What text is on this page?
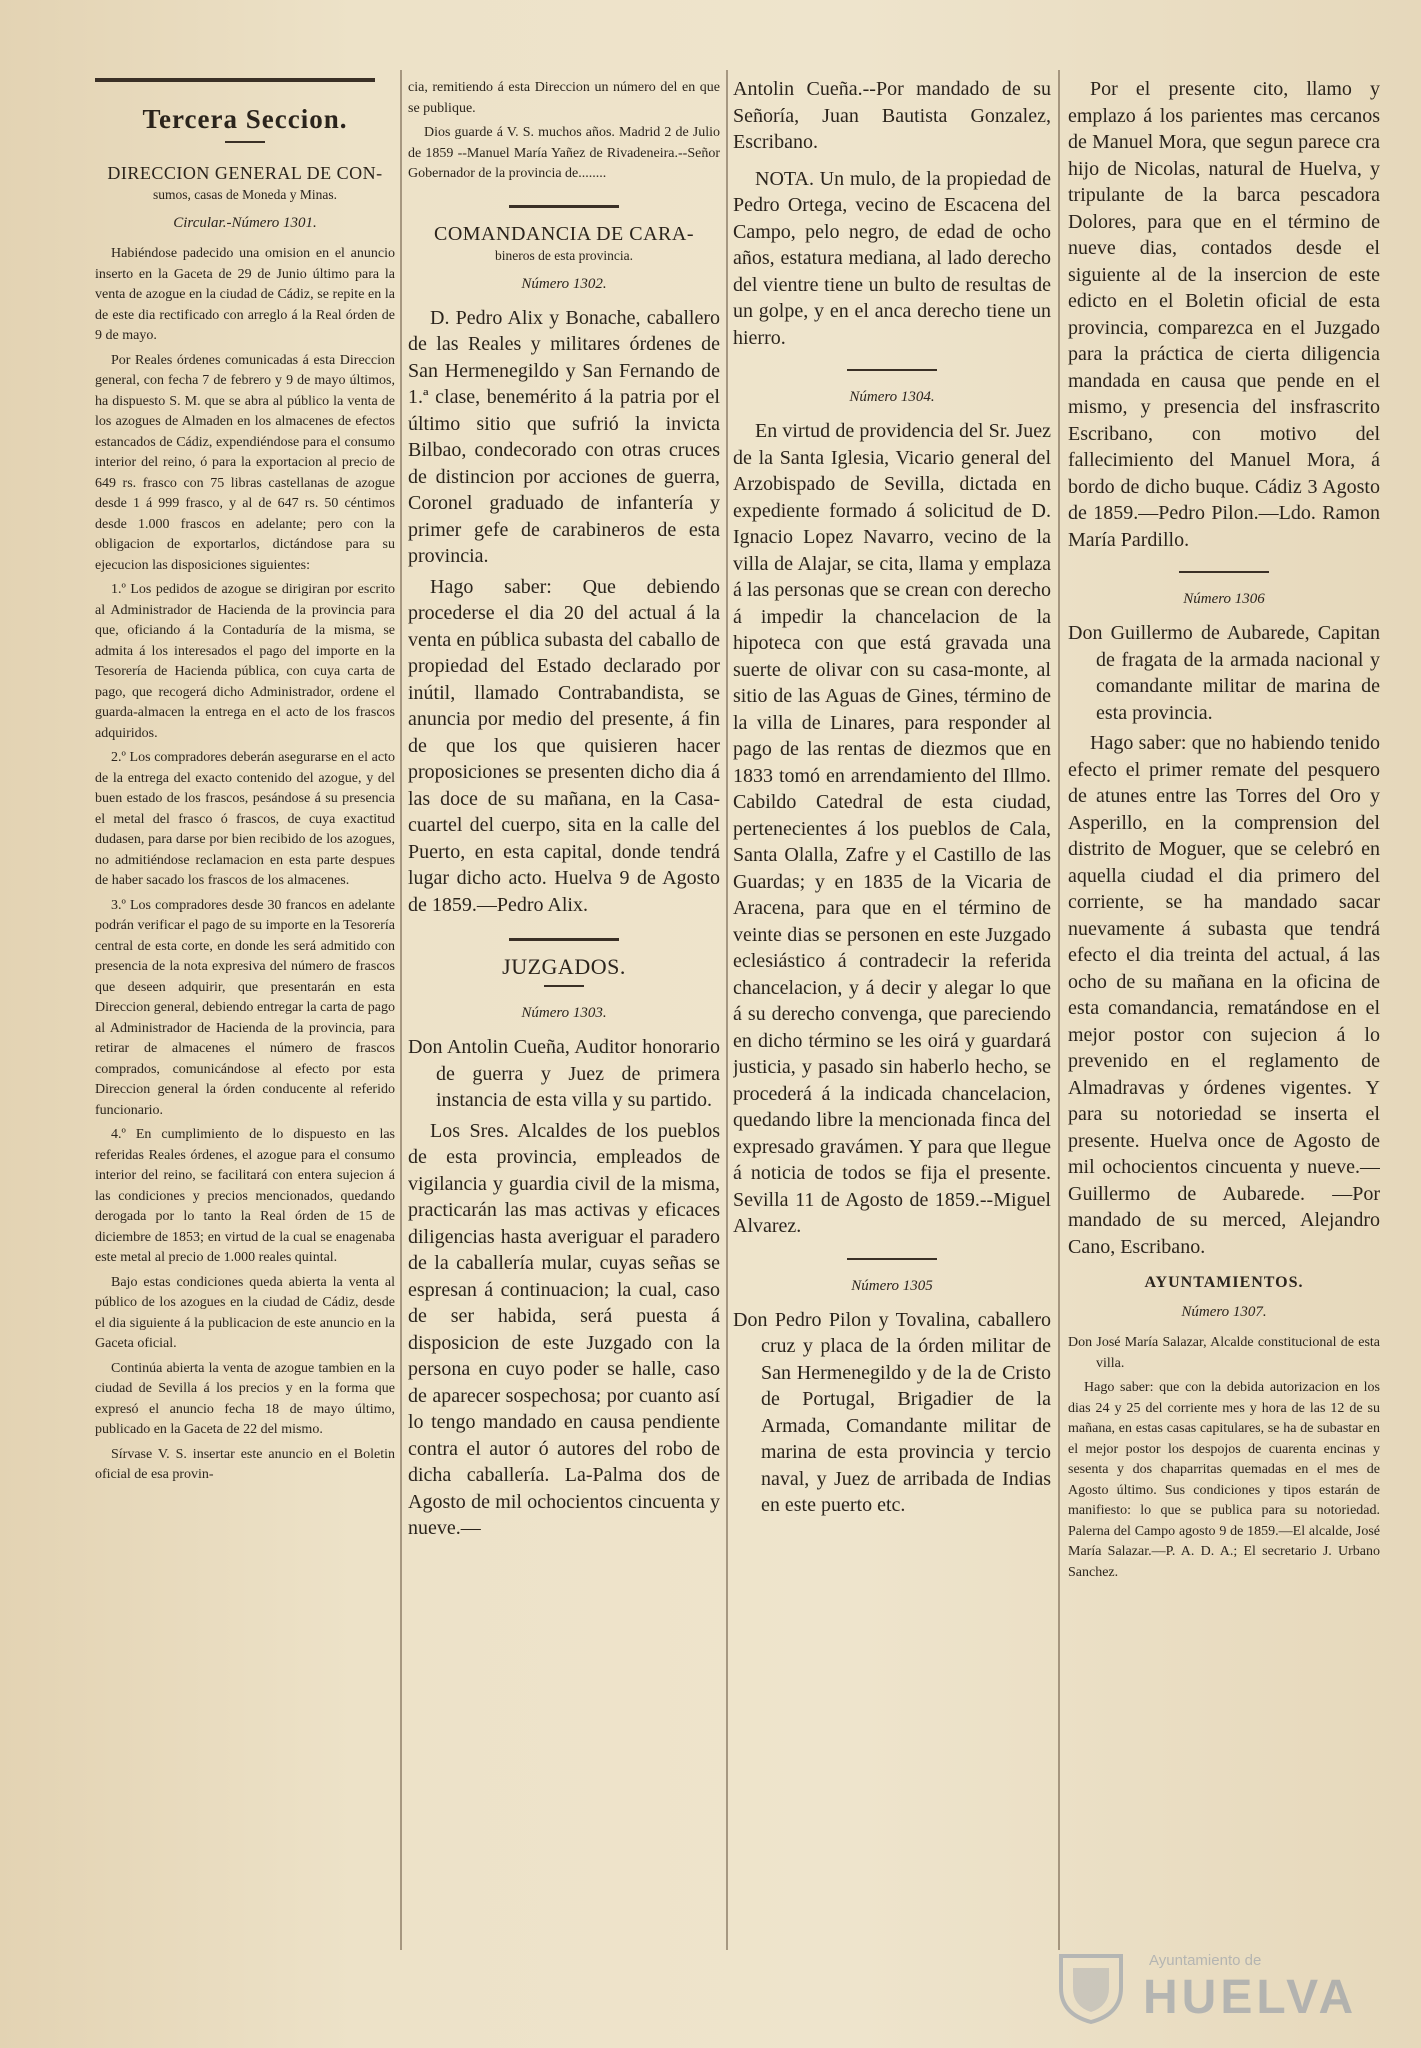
Tercera Seccion.
DIRECCION GENERAL DE CON-
sumos, casas de Moneda y Minas.
Circular.-Número 1301.

Habiéndose padecido una omision en el anuncio inserto en la Gaceta de 29 de Junio último para la venta de azogue en la ciudad de Cádiz, se repite en la de este dia rectificado con arreglo á la Real órden de 9 de mayo.

Por Reales órdenes comunicadas á esta Direccion general, con fecha 7 de febrero y 9 de mayo últimos, ha dispuesto S. M. que se abra al público la venta de los azogues de Almaden en los almacenes de efectos estancados de Cádiz, expendiéndose para el consumo interior del reino, ó para la exportacion al precio de 649 rs. frasco con 75 libras castellanas de azogue desde 1 á 999 frasco, y al de 647 rs. 50 céntimos desde 1.000 frascos en adelante; pero con la obligacion de exportarlos, dictándose para su ejecucion las disposiciones siguientes:

1.º Los pedidos de azogue se dirigiran por escrito al Administrador de Hacienda de la provincia para que, oficiando á la Contaduría de la misma, se admita á los interesados el pago del importe en la Tesorería de Hacienda pública, con cuya carta de pago, que recogerá dicho Administrador, ordene el guarda-almacen la entrega en el acto de los frascos adquiridos.

2.º Los compradores deberán asegurarse en el acto de la entrega del exacto contenido del azogue, y del buen estado de los frascos, pesándose á su presencia el metal del frasco ó frascos, de cuya exactitud dudasen, para darse por bien recibido de los azogues, no admitiéndose reclamacion en esta parte despues de haber sacado los frascos de los almacenes.

3.º Los compradores desde 30 francos en adelante podrán verificar el pago de su importe en la Tesorería central de esta corte, en donde les será admitido con presencia de la nota expresiva del número de frascos que deseen adquirir, que presentarán en esta Direccion general, debiendo entregar la carta de pago al Administrador de Hacienda de la provincia, para retirar de almacenes el número de frascos comprados, comunicándose al efecto por esta Direccion general la órden conducente al referido funcionario.

4.º En cumplimiento de lo dispuesto en las referidas Reales órdenes, el azogue para el consumo interior del reino, se facilitará con entera sujecion á las condiciones y precios mencionados, quedando derogada por lo tanto la Real órden de 15 de diciembre de 1853; en virtud de la cual se enagenaba este metal al precio de 1.000 reales quintal.

Bajo estas condiciones queda abierta la venta al público de los azogues en la ciudad de Cádiz, desde el dia siguiente á la publicacion de este anuncio en la Gaceta oficial.

Continúa abierta la venta de azogue tambien en la ciudad de Sevilla á los precios y en la forma que expresó el anuncio fecha 18 de mayo último, publicado en la Gaceta de 22 del mismo.

Sírvase V. S. insertar este anuncio en el Boletin oficial de esa provin-

cia, remitiendo á esta Direccion un número del en que se publique.

Dios guarde á V. S. muchos años. Madrid 2 de Julio de 1859 --Manuel María Yañez de Rivadeneira.--Señor Gobernador de la provincia de........

COMANDANCIA DE CARA-
bineros de esta provincia.
Número 1302.

D. Pedro Alix y Bonache, caballero de las Reales y militares órdenes de San Hermenegildo y San Fernando de 1.ª clase, benemérito á la patria por el último sitio que sufrió la invicta Bilbao, condecorado con otras cruces de distincion por acciones de guerra, Coronel graduado de infantería y primer gefe de carabineros de esta provincia.

Hago saber: Que debiendo procederse el dia 20 del actual á la venta en pública subasta del caballo de propiedad del Estado declarado por inútil, llamado Contrabandista, se anuncia por medio del presente, á fin de que los que quisieren hacer proposiciones se presenten dicho dia á las doce de su mañana, en la Casa-cuartel del cuerpo, sita en la calle del Puerto, en esta capital, donde tendrá lugar dicho acto. Huelva 9 de Agosto de 1859.—Pedro Alix.

JUZGADOS.
Número 1303.

Don Antolin Cueña, Auditor honorario de guerra y Juez de primera instancia de esta villa y su partido.

Los Sres. Alcaldes de los pueblos de esta provincia, empleados de vigilancia y guardia civil de la misma, practicarán las mas activas y eficaces diligencias hasta averiguar el paradero de la caballería mular, cuyas señas se espresan á continuacion; la cual, caso de ser habida, será puesta á disposicion de este Juzgado con la persona en cuyo poder se halle, caso de aparecer sospechosa; por cuanto así lo tengo mandado en causa pendiente contra el autor ó autores del robo de dicha caballería. La-Palma dos de Agosto de mil ochocientos cincuenta y nueve.—

Antolin Cueña.--Por mandado de su Señoría, Juan Bautista Gonzalez, Escribano.

NOTA. Un mulo, de la propiedad de Pedro Ortega, vecino de Escacena del Campo, pelo negro, de edad de ocho años, estatura mediana, al lado derecho del vientre tiene un bulto de resultas de un golpe, y en el anca derecho tiene un hierro.

Número 1304.

En virtud de providencia del Sr. Juez de la Santa Iglesia, Vicario general del Arzobispado de Sevilla, dictada en expediente formado á solicitud de D. Ignacio Lopez Navarro, vecino de la villa de Alajar, se cita, llama y emplaza á las personas que se crean con derecho á impedir la chancelacion de la hipoteca con que está gravada una suerte de olivar con su casa-monte, al sitio de las Aguas de Gines, término de la villa de Linares, para responder al pago de las rentas de diezmos que en 1833 tomó en arrendamiento del Illmo. Cabildo Catedral de esta ciudad, pertenecientes á los pueblos de Cala, Santa Olalla, Zafre y el Castillo de las Guardas; y en 1835 de la Vicaria de Aracena, para que en el término de veinte dias se personen en este Juzgado eclesiástico á contradecir la referida chancelacion, y á decir y alegar lo que á su derecho convenga, que pareciendo en dicho término se les oirá y guardará justicia, y pasado sin haberlo hecho, se procederá á la indicada chancelacion, quedando libre la mencionada finca del expresado gravámen. Y para que llegue á noticia de todos se fija el presente. Sevilla 11 de Agosto de 1859.--Miguel Alvarez.

Número 1305

Don Pedro Pilon y Tovalina, caballero cruz y placa de la órden militar de San Hermenegildo y de la de Cristo de Portugal, Brigadier de la Armada, Comandante militar de marina de esta provincia y tercio naval, y Juez de arribada de Indias en este puerto etc.

Por el presente cito, llamo y emplazo á los parientes mas cercanos de Manuel Mora, que segun parece cra hijo de Nicolas, natural de Huelva, y tripulante de la barca pescadora Dolores, para que en el término de nueve dias, contados desde el siguiente al de la insercion de este edicto en el Boletin oficial de esta provincia, comparezca en el Juzgado para la práctica de cierta diligencia mandada en causa que pende en el mismo, y presencia del insfrascrito Escribano, con motivo del fallecimiento del Manuel Mora, á bordo de dicho buque. Cádiz 3 Agosto de 1859.—Pedro Pilon.—Ldo. Ramon María Pardillo.

Número 1306

Don Guillermo de Aubarede, Capitan de fragata de la armada nacional y comandante militar de marina de esta provincia.

Hago saber: que no habiendo tenido efecto el primer remate del pesquero de atunes entre las Torres del Oro y Asperillo, en la comprension del distrito de Moguer, que se celebró en aquella ciudad el dia primero del corriente, se ha mandado sacar nuevamente á subasta que tendrá efecto el dia treinta del actual, á las ocho de su mañana en la oficina de esta comandancia, rematándose en el mejor postor con sujecion á lo prevenido en el reglamento de Almadravas y órdenes vigentes. Y para su notoriedad se inserta el presente. Huelva once de Agosto de mil ochocientos cincuenta y nueve.—Guillermo de Aubarede. —Por mandado de su merced, Alejandro Cano, Escribano.

AYUNTAMIENTOS.
Número 1307.

Don José María Salazar, Alcalde constitucional de esta villa.

Hago saber: que con la debida autorizacion en los dias 24 y 25 del corriente mes y hora de las 12 de su mañana, en estas casas capitulares, se ha de subastar en el mejor postor los despojos de cuarenta encinas y sesenta y dos chaparritas quemadas en el mes de Agosto último. Sus condiciones y tipos estarán de manifiesto: lo que se publica para su notoriedad. Palerna del Campo agosto 9 de 1859.—El alcalde, José María Salazar.—P. A. D. A.; El secretario J. Urbano Sanchez.

Ayuntamiento de
HUELVA
